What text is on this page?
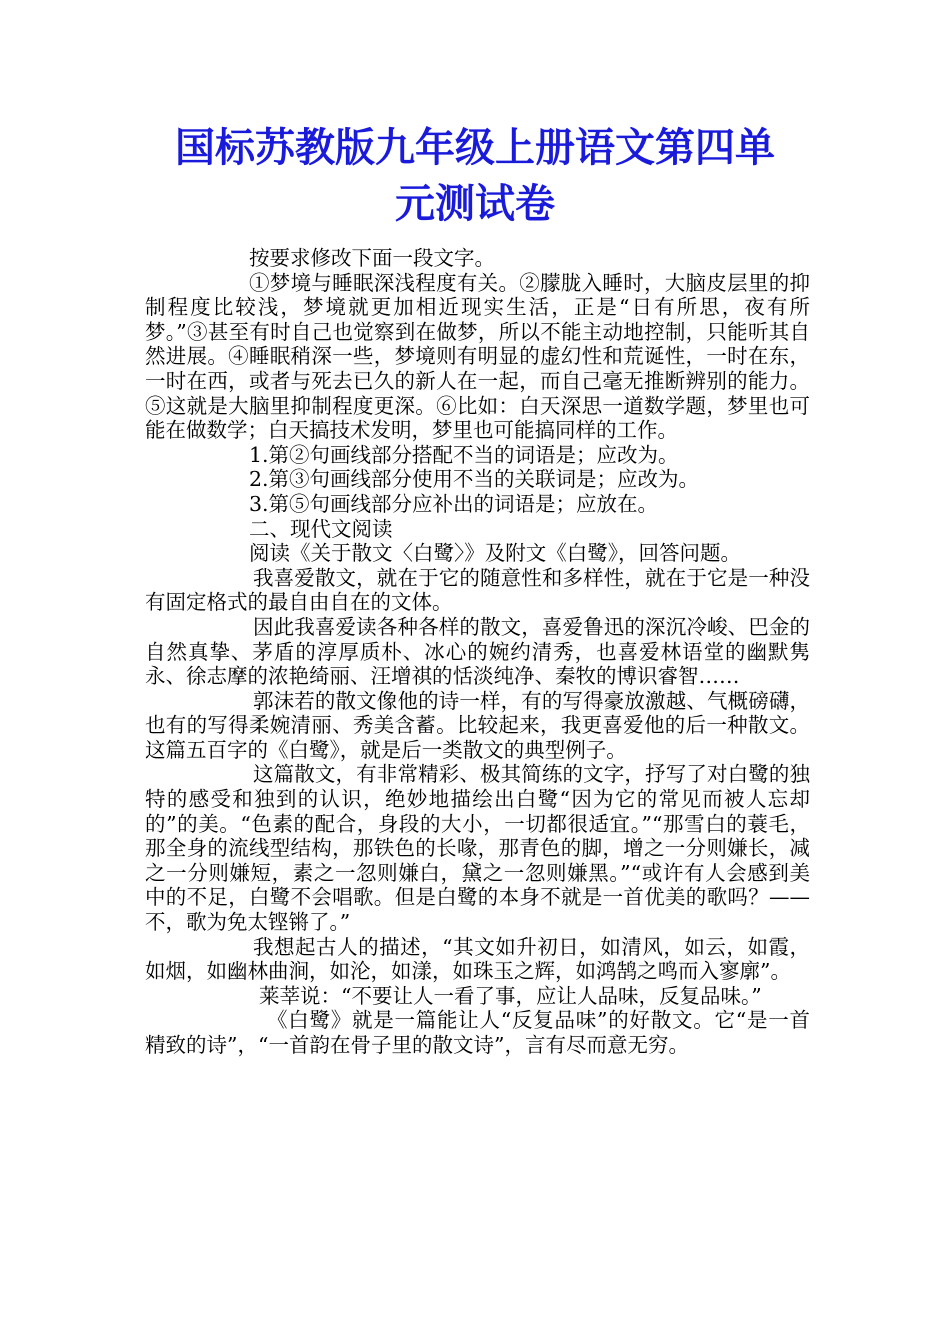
国标苏教版九年级上册语文第四单
元测试卷

按要求修改下面一段文字。

①梦境与睡眠深浅程度有关。②朦胧入睡时，大脑皮层里的抑制程度比较浅，梦境就更加相近现实生活，正是“日有所思，夜有所梦。”③甚至有时自己也觉察到在做梦，所以不能主动地控制，只能听其自然进展。④睡眠稍深一些，梦境则有明显的虚幻性和荒诞性，一时在东，一时在西，或者与死去已久的新人在一起，而自己毫无推断辨别的能力。⑤这就是大脑里抑制程度更深。⑥比如：白天深思一道数学题，梦里也可能在做数学；白天搞技术发明，梦里也可能搞同样的工作。

1.第②句画线部分搭配不当的词语是；应改为。

2.第③句画线部分使用不当的关联词是；应改为。

3.第⑤句画线部分应补出的词语是；应放在。

二、现代文阅读

阅读《关于散文〈白鹭〉》及附文《白鹭》，回答问题。

我喜爱散文，就在于它的随意性和多样性，就在于它是一种没有固定格式的最自由自在的文体。

因此我喜爱读各种各样的散文，喜爱鲁迅的深沉冷峻、巴金的自然真挚、茅盾的淳厚质朴、冰心的婉约清秀，也喜爱林语堂的幽默隽永、徐志摩的浓艳绮丽、汪增祺的恬淡纯净、秦牧的博识睿智……

郭沫若的散文像他的诗一样，有的写得豪放激越、气概磅礴，也有的写得柔婉清丽、秀美含蓄。比较起来，我更喜爱他的后一种散文。这篇五百字的《白鹭》，就是后一类散文的典型例子。

这篇散文，有非常精彩、极其简练的文字，抒写了对白鹭的独特的感受和独到的认识，绝妙地描绘出白鹭“因为它的常见而被人忘却的”的美。“色素的配合，身段的大小，一切都很适宜。”“那雪白的蓑毛，那全身的流线型结构，那铁色的长喙，那青色的脚，增之一分则嫌长，减之一分则嫌短，素之一忽则嫌白，黛之一忽则嫌黑。”“或许有人会感到美中的不足，白鹭不会唱歌。但是白鹭的本身不就是一首优美的歌吗？——不，歌为免太铿锵了。”

我想起古人的描述，“其文如升初日，如清风，如云，如霞，如烟，如幽林曲涧，如沦，如漾，如珠玉之辉，如鸿鹄之鸣而入寥廓”。

莱莘说：“不要让人一看了事，应让人品味，反复品味。”

《白鹭》就是一篇能让人“反复品味”的好散文。它“是一首精致的诗”，“一首韵在骨子里的散文诗”，言有尽而意无穷。
